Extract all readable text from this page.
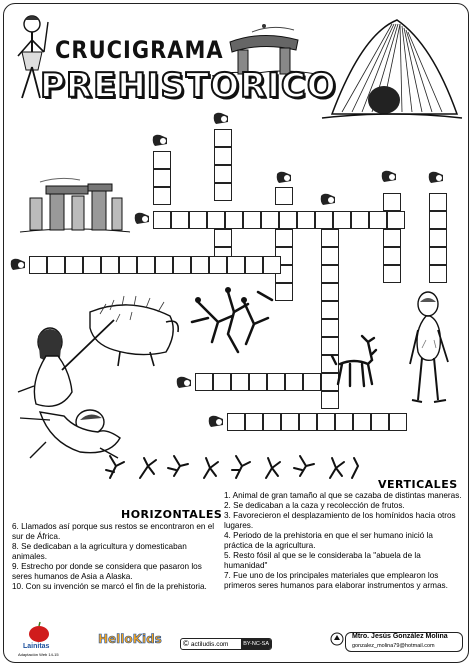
CRUCIGRAMA
PREHISTORICO
HORIZONTALES
6. Llamados así porque sus restos se encontraron en el sur de África.
8. Se dedicaban a la agricultura y domesticaban animales.
9. Estrecho por donde se considera que pasaron los seres humanos de Asia a Alaska.
10. Con su invención se marcó el fin de la prehistoria.
VERTICALES
1. Animal de gran tamaño al que se cazaba de distintas maneras.
2. Se dedicaban a la caza y recolección de frutos.
3. Favorecieron el desplazamiento de los homínidos hacia otros lugares.
4. Periodo de la prehistoria en que el ser humano inició la práctica de la agricultura.
5. Resto fósil al que se le consideraba la "abuela de la humanidad"
7. Fue uno de los principales materiales que emplearon los primeros seres humanos para elaborar instrumentos y armas.
Lainitas
Adaptación Web 14-15
HelloKids	© actiludis.com	BY-NC-SA
Mtro. Jesús González Molina
gonzalez_molina79@hotmail.com
